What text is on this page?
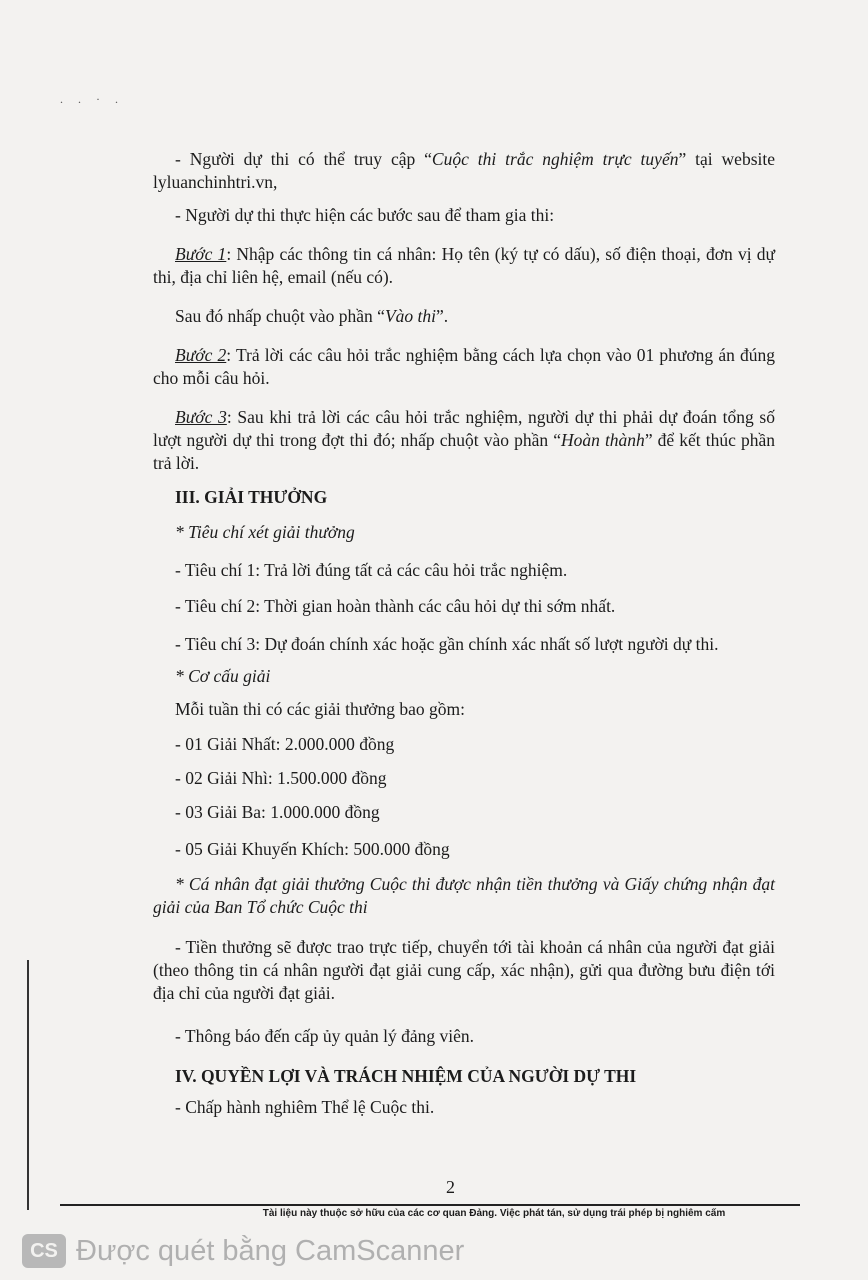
. . · .
- Người dự thi có thể truy cập “Cuộc thi trắc nghiệm trực tuyến” tại website lyluanchinhtri.vn,
- Người dự thi thực hiện các bước sau để tham gia thi:
Bước 1: Nhập các thông tin cá nhân: Họ tên (ký tự có dấu), số điện thoại, đơn vị dự thi, địa chỉ liên hệ, email (nếu có).
Sau đó nhấp chuột vào phần “Vào thi”.
Bước 2: Trả lời các câu hỏi trắc nghiệm bằng cách lựa chọn vào 01 phương án đúng cho mỗi câu hỏi.
Bước 3: Sau khi trả lời các câu hỏi trắc nghiệm, người dự thi phải dự đoán tổng số lượt người dự thi trong đợt thi đó; nhấp chuột vào phần “Hoàn thành” để kết thúc phần trả lời.
III. GIẢI THƯỞNG
* Tiêu chí xét giải thưởng
- Tiêu chí 1: Trả lời đúng tất cả các câu hỏi trắc nghiệm.
- Tiêu chí 2: Thời gian hoàn thành các câu hỏi dự thi sớm nhất.
- Tiêu chí 3: Dự đoán chính xác hoặc gần chính xác nhất số lượt người dự thi.
* Cơ cấu giải
Mỗi tuần thi có các giải thưởng bao gồm:
- 01 Giải Nhất: 2.000.000 đồng
- 02 Giải Nhì: 1.500.000 đồng
- 03 Giải Ba: 1.000.000 đồng
- 05 Giải Khuyến Khích: 500.000 đồng
* Cá nhân đạt giải thưởng Cuộc thi được nhận tiền thưởng và Giấy chứng nhận đạt giải của Ban Tổ chức Cuộc thi
- Tiền thưởng sẽ được trao trực tiếp, chuyển tới tài khoản cá nhân của người đạt giải (theo thông tin cá nhân người đạt giải cung cấp, xác nhận), gửi qua đường bưu điện tới địa chỉ của người đạt giải.
- Thông báo đến cấp ủy quản lý đảng viên.
IV. QUYỀN LỢI VÀ TRÁCH NHIỆM CỦA NGƯỜI DỰ THI
- Chấp hành nghiêm Thể lệ Cuộc thi.
2
Tài liệu này thuộc sở hữu của các cơ quan Đảng. Việc phát tán, sử dụng trái phép bị nghiêm cấm
CS Được quét bằng CamScanner
